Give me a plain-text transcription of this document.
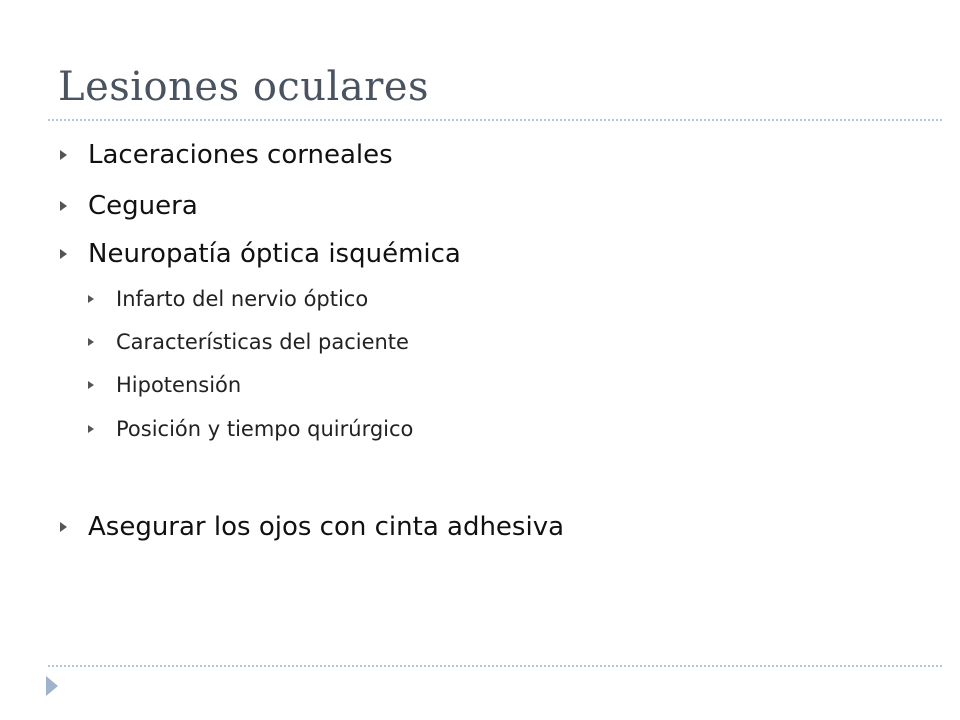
Lesiones oculares
Laceraciones corneales
Ceguera
Neuropatía óptica isquémica
Infarto del nervio óptico
Características del paciente
Hipotensión
Posición y tiempo quirúrgico
Asegurar los ojos con cinta adhesiva
